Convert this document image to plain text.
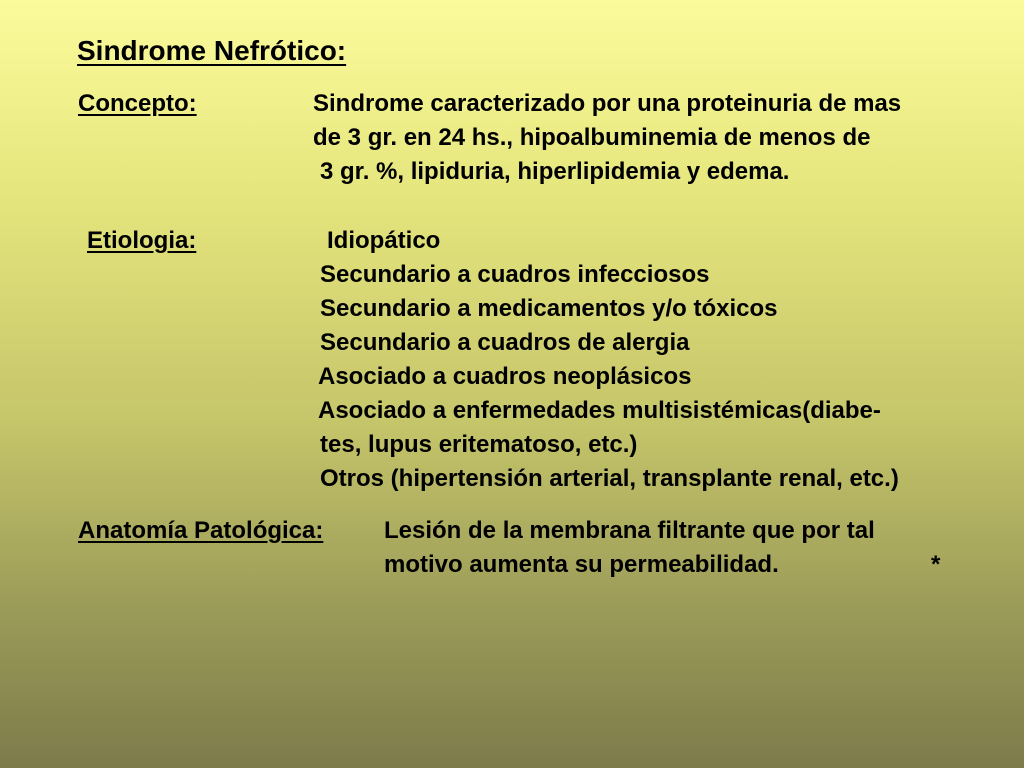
Sindrome Nefrótico:
Concepto:	Sindrome caracterizado por una proteinuria de mas
de 3 gr. en 24 hs., hipoalbuminemia de menos de
3 gr. %, lipiduria, hiperlipidemia y edema.
Etiologia:	Idiopático
Secundario a cuadros infecciosos
Secundario a medicamentos y/o tóxicos
Secundario a cuadros de alergia
Asociado a cuadros neoplásicos
Asociado a enfermedades multisistémicas(diabe-
tes, lupus eritematoso, etc.)
Otros (hipertensión arterial, transplante renal, etc.)
Anatomía Patológica:	Lesión de la membrana filtrante que por tal
motivo aumenta su permeabilidad.	*
